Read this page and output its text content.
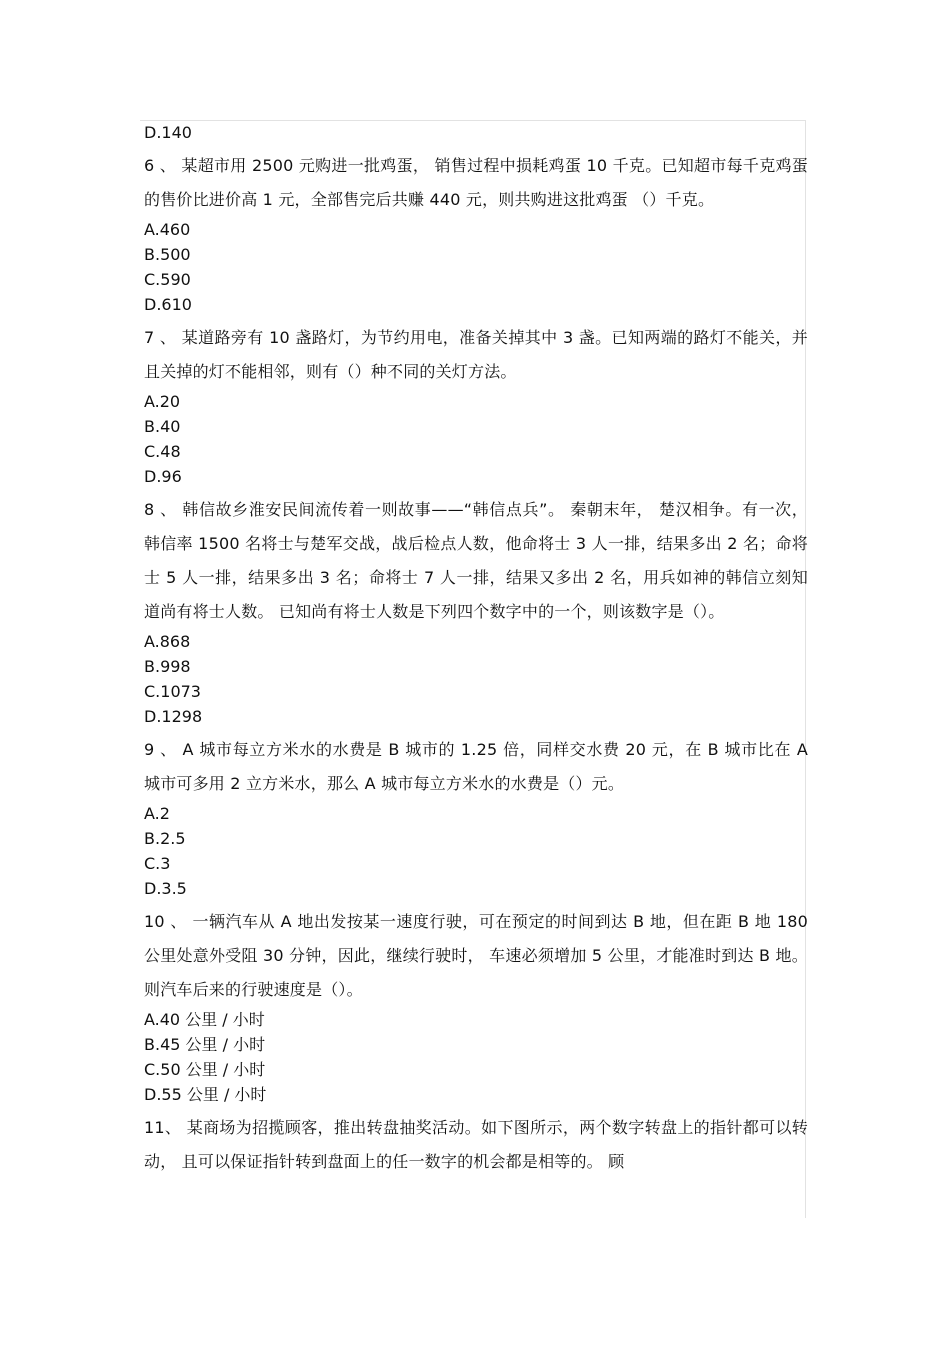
D.140
6 、 某超市用 2500 元购进一批鸡蛋， 销售过程中损耗鸡蛋 10 千克。已知超市每千克鸡蛋的售价比进价高 1 元，全部售完后共赚 440 元，则共购进这批鸡蛋 （）千克。
A.460
B.500
C.590
D.610
7 、 某道路旁有 10 盏路灯，为节约用电，准备关掉其中 3 盏。已知两端的路灯不能关，并且关掉的灯不能相邻，则有（）种不同的关灯方法。
A.20
B.40
C.48
D.96
8 、 韩信故乡淮安民间流传着一则故事——“韩信点兵”。 秦朝末年， 楚汉相争。有一次，韩信率 1500 名将士与楚军交战，战后检点人数，他命将士 3 人一排，结果多出 2 名；命将士 5 人一排，结果多出 3 名；命将士 7 人一排，结果又多出 2 名，用兵如神的韩信立刻知道尚有将士人数。 已知尚有将士人数是下列四个数字中的一个，则该数字是（）。
A.868
B.998
C.1073
D.1298
9 、 A 城市每立方米水的水费是 B 城市的 1.25 倍，同样交水费 20 元，在 B 城市比在 A 城市可多用 2 立方米水，那么 A 城市每立方米水的水费是（）元。
A.2
B.2.5
C.3
D.3.5
10 、 一辆汽车从 A 地出发按某一速度行驶，可在预定的时间到达 B 地，但在距 B 地 180 公里处意外受阻 30 分钟，因此，继续行驶时， 车速必须增加 5 公里，才能准时到达 B 地。则汽车后来的行驶速度是（）。
A.40 公里 / 小时
B.45 公里 / 小时
C.50 公里 / 小时
D.55 公里 / 小时
11、 某商场为招揽顾客，推出转盘抽奖活动。如下图所示，两个数字转盘上的指针都可以转动， 且可以保证指针转到盘面上的任一数字的机会都是相等的。 顾
